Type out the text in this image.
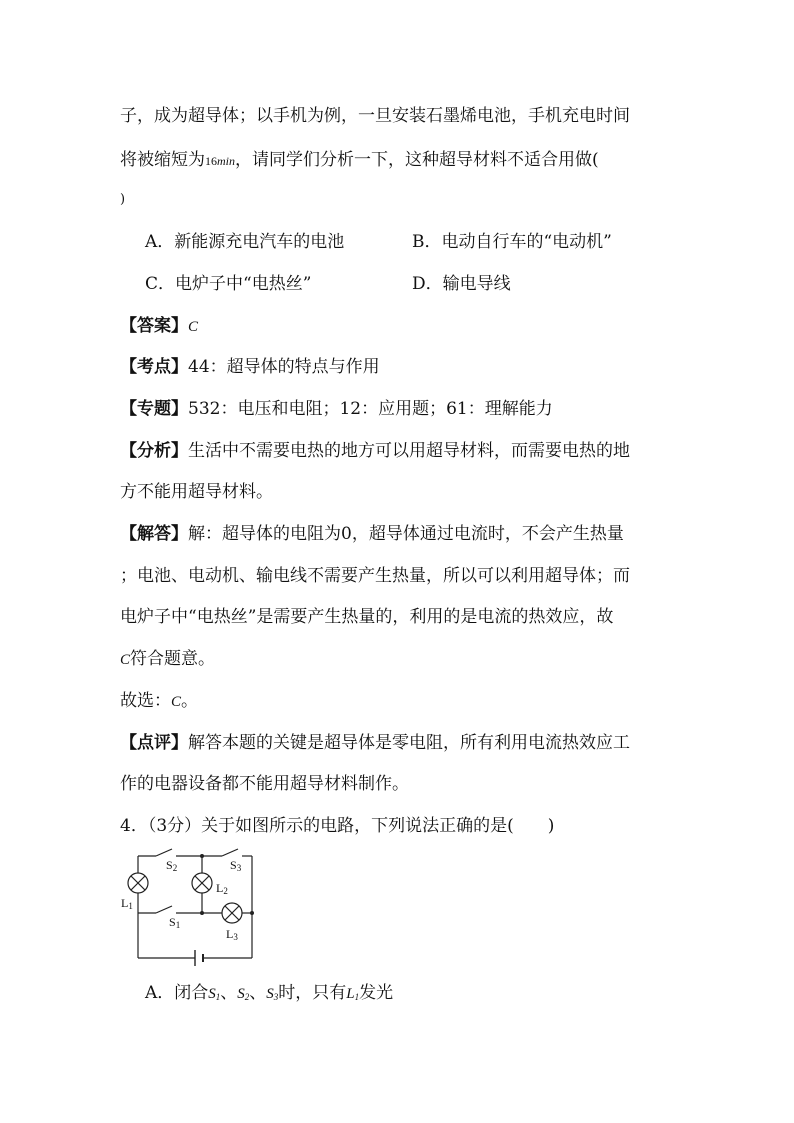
子，成为超导体；以手机为例，一旦安装石墨烯电池，手机充电时间
将被缩短为16min，请同学们分析一下，这种超导材料不适合用做(
)
A．新能源充电汽车的电池	B．电动自行车的“电动机”
C．电炉子中“电热丝”	D．输电导线
【答案】C
【考点】44：超导体的特点与作用
【专题】532：电压和电阻；12：应用题；61：理解能力
【分析】生活中不需要电热的地方可以用超导材料，而需要电热的地
方不能用超导材料。
【解答】解：超导体的电阻为0，超导体通过电流时，不会产生热量
；电池、电动机、输电线不需要产生热量，所以可以利用超导体；而
电炉子中“电热丝”是需要产生热量的，利用的是电流的热效应，故
C符合题意。
故选：C。
【点评】解答本题的关键是超导体是零电阻，所有利用电流热效应工
作的电器设备都不能用超导材料制作。
4．（3分）关于如图所示的电路，下列说法正确的是(　　)
$S_2$	$S_3$
$L_2$
$L_1$
$S_1$
$L_3$
A．闭合$S_1$、$S_2$、$S_3$时，只有$L_1$发光
